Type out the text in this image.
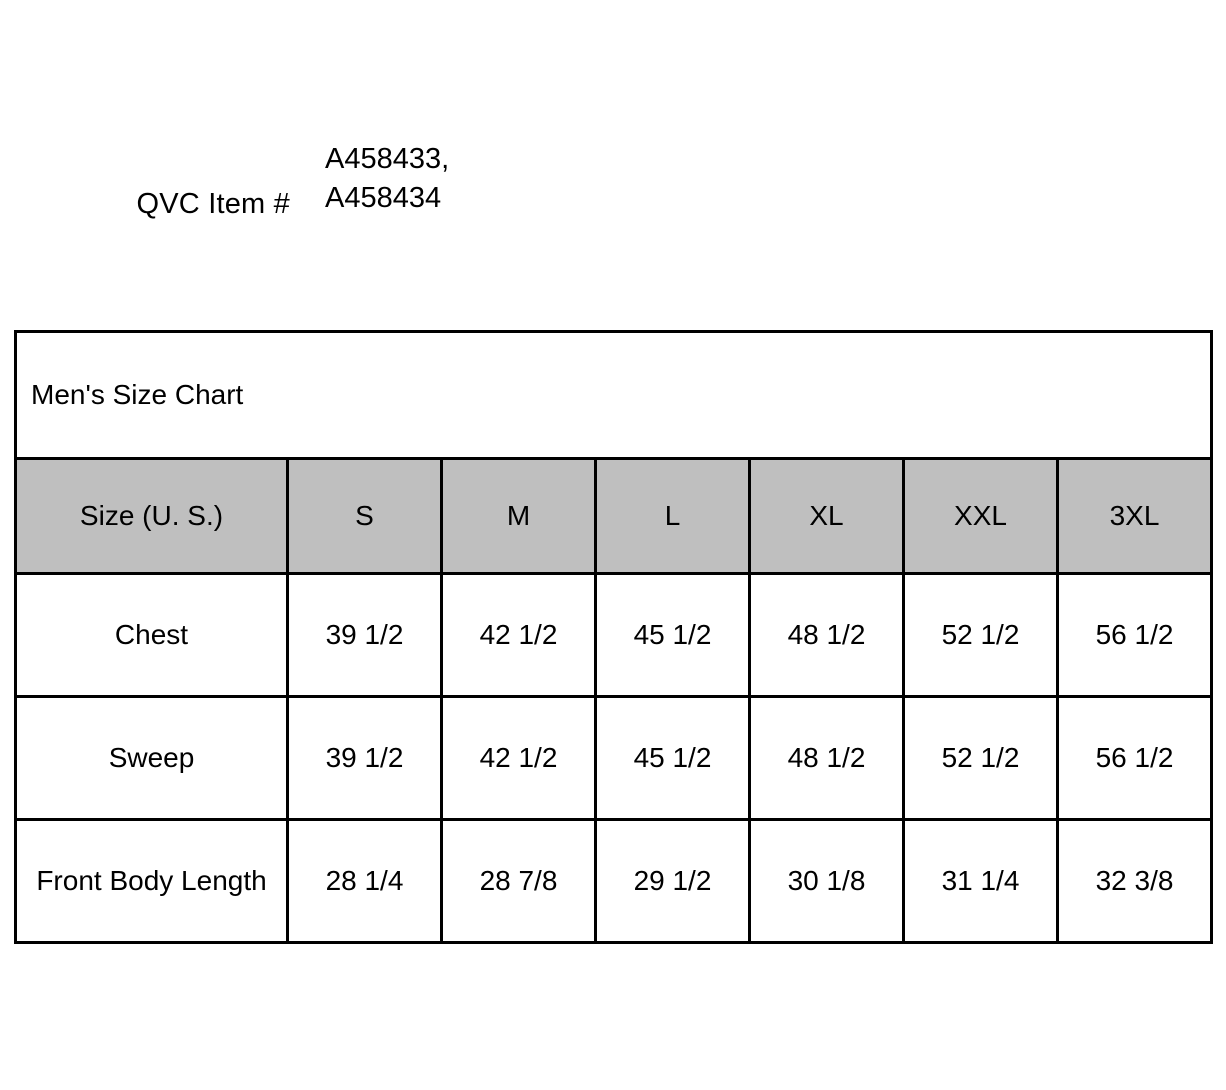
QVC Item #
A458433,
A458434
Men's Size Chart						
Size (U. S.)	S	M	L	XL	XXL	3XL
Chest	39 1/2	42 1/2	45 1/2	48 1/2	52 1/2	56 1/2
Sweep	39 1/2	42 1/2	45 1/2	48 1/2	52 1/2	56 1/2
Front Body Length	28 1/4	28 7/8	29 1/2	30 1/8	31 1/4	32 3/8
